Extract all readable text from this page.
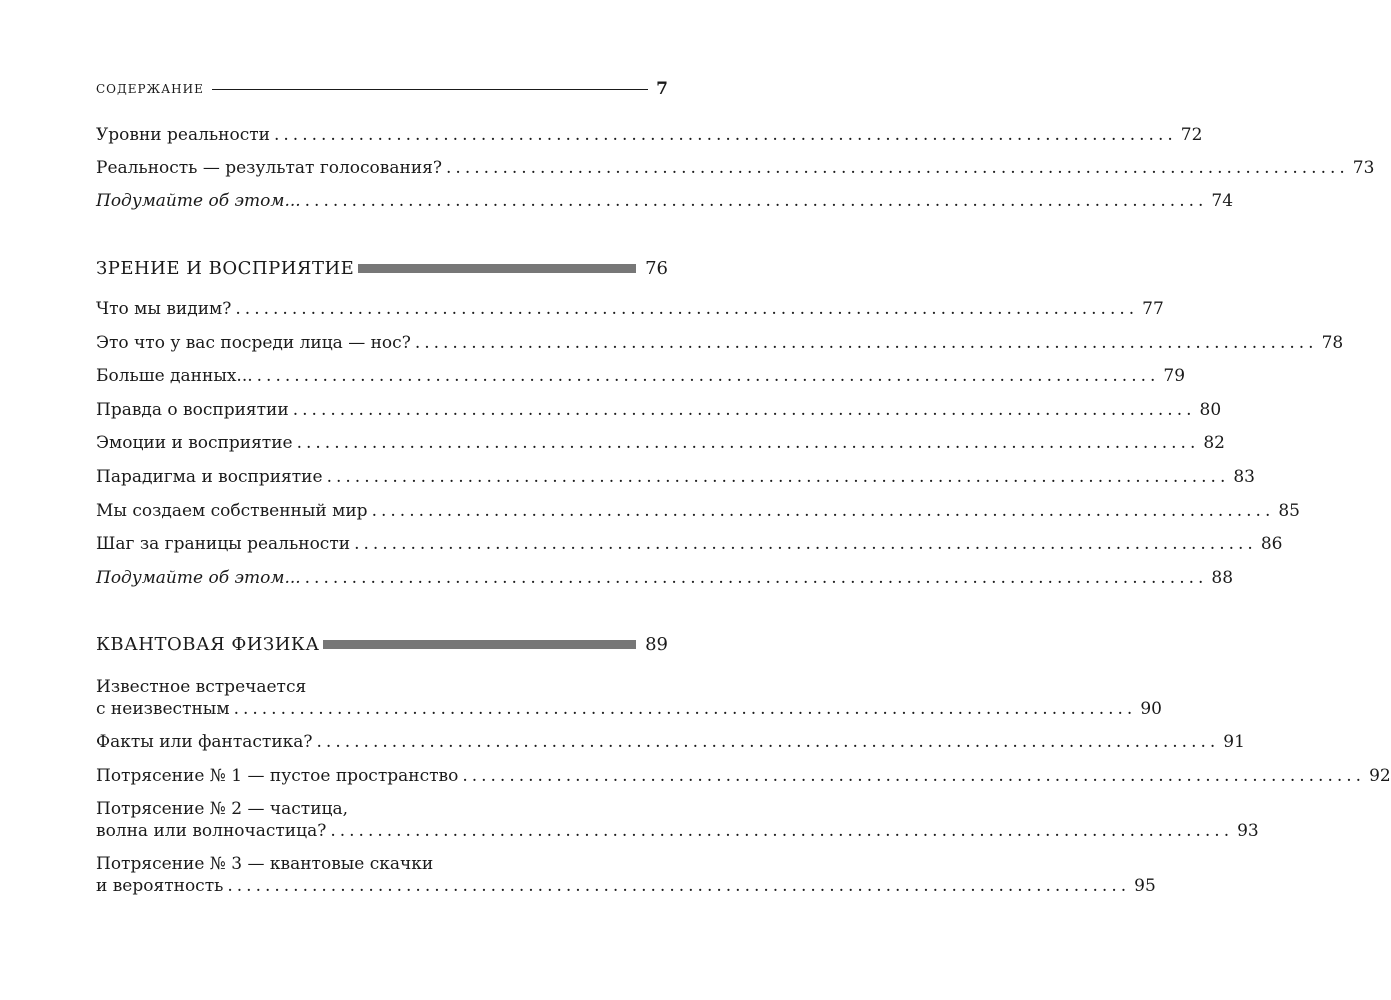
СОДЕРЖАНИЕ	7
Уровни реальности ................................................................................................ 72
Реальность — результат голосования? ................................................................................................ 73
Подумайте об этом... ................................................................................................ 74
ЗРЕНИЕ И ВОСПРИЯТИЕ	76
Что мы видим? ................................................................................................ 77
Это что у вас посреди лица — нос? ................................................................................................ 78
Больше данных... ................................................................................................ 79
Правда о восприятии ................................................................................................ 80
Эмоции и восприятие ................................................................................................ 82
Парадигма и восприятие ................................................................................................ 83
Мы создаем собственный мир ................................................................................................ 85
Шаг за границы реальности ................................................................................................ 86
Подумайте об этом... ................................................................................................ 88
КВАНТОВАЯ ФИЗИКА	89
Известное встречается
с неизвестным ................................................................................................ 90
Факты или фантастика? ................................................................................................ 91
Потрясение № 1 — пустое пространство ................................................................................................ 92
Потрясение № 2 — частица,
волна или волночастица? ................................................................................................ 93
Потрясение № 3 — квантовые скачки
и вероятность ................................................................................................ 95
